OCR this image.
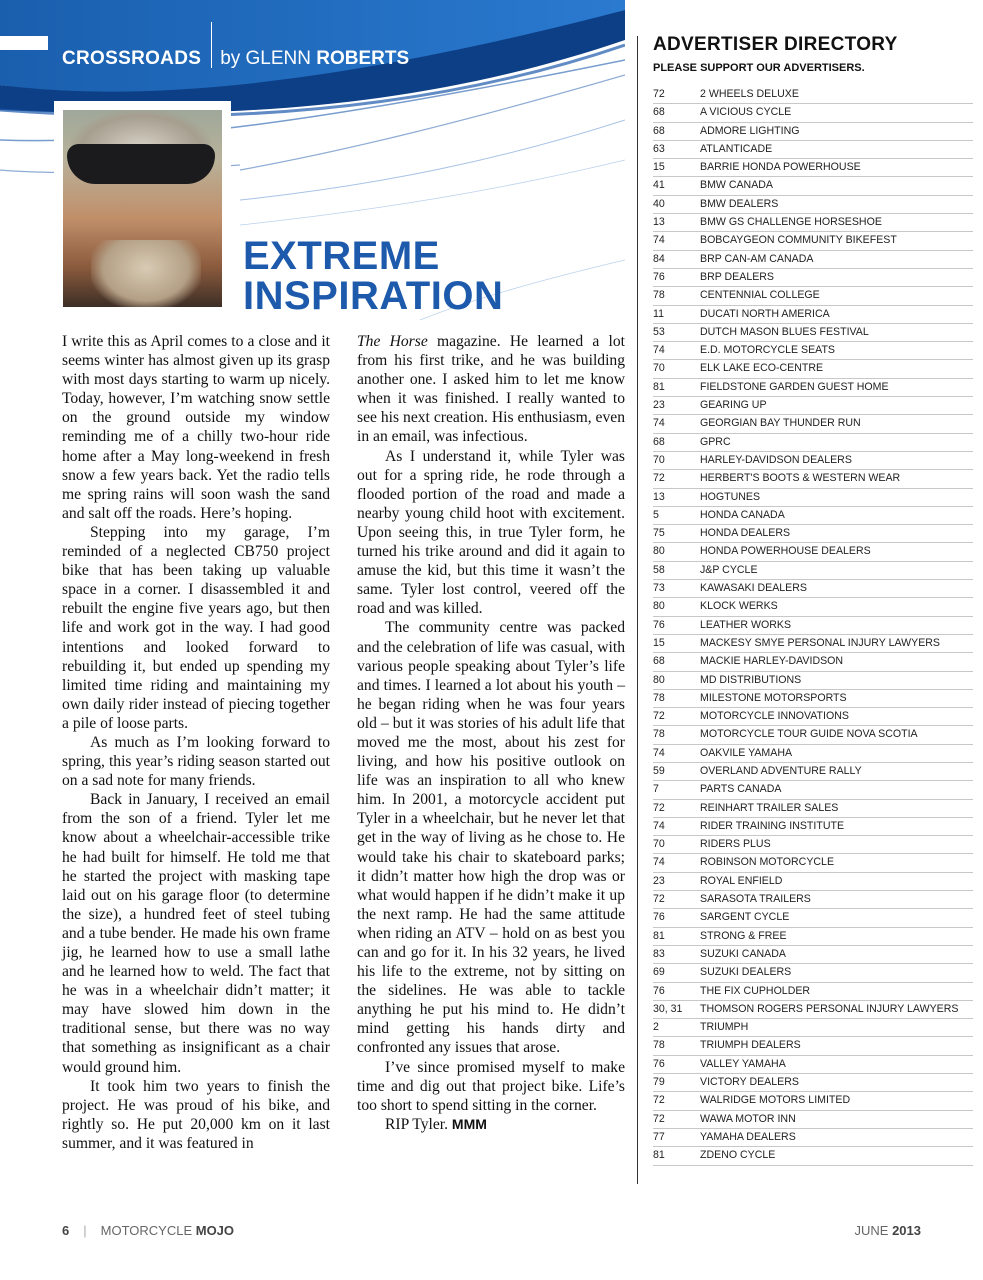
CROSSROADS by GLENN ROBERTS
EXTREME
INSPIRATION

I write this as April comes to a close and it seems winter has almost given up its grasp with most days starting to warm up nicely. Today, however, I’m watching snow settle on the ground outside my window reminding me of a chilly two-hour ride home after a May long-weekend in fresh snow a few years back. Yet the radio tells me spring rains will soon wash the sand and salt off the roads. Here’s hoping.

Stepping into my garage, I’m reminded of a neglected CB750 project bike that has been taking up valuable space in a corner. I disassembled it and rebuilt the engine five years ago, but then life and work got in the way. I had good intentions and looked forward to rebuilding it, but ended up spending my limited time riding and maintaining my own daily rider instead of piecing together a pile of loose parts.

As much as I’m looking forward to spring, this year’s riding season started out on a sad note for many friends.

Back in January, I received an email from the son of a friend. Tyler let me know about a wheelchair-accessible trike he had built for himself. He told me that he started the project with masking tape laid out on his garage floor (to determine the size), a hundred feet of steel tubing and a tube bender. He made his own frame jig, he learned how to use a small lathe and he learned how to weld. The fact that he was in a wheelchair didn’t matter; it may have slowed him down in the traditional sense, but there was no way that something as insignificant as a chair would ground him.

It took him two years to finish the project. He was proud of his bike, and rightly so. He put 20,000 km on it last summer, and it was featured in

The Horse magazine. He learned a lot from his first trike, and he was building another one. I asked him to let me know when it was finished. I really wanted to see his next creation. His enthusiasm, even in an email, was infectious.

As I understand it, while Tyler was out for a spring ride, he rode through a flooded portion of the road and made a nearby young child hoot with excitement. Upon seeing this, in true Tyler form, he turned his trike around and did it again to amuse the kid, but this time it wasn’t the same. Tyler lost control, veered off the road and was killed.

The community centre was packed and the celebration of life was casual, with various people speaking about Tyler’s life and times. I learned a lot about his youth – he began riding when he was four years old – but it was stories of his adult life that moved me the most, about his zest for living, and how his positive outlook on life was an inspiration to all who knew him. In 2001, a motorcycle accident put Tyler in a wheelchair, but he never let that get in the way of living as he chose to. He would take his chair to skateboard parks; it didn’t matter how high the drop was or what would happen if he didn’t make it up the next ramp. He had the same attitude when riding an ATV – hold on as best you can and go for it. In his 32 years, he lived his life to the extreme, not by sitting on the sidelines. He was able to tackle anything he put his mind to. He didn’t mind getting his hands dirty and confronted any issues that arose.

I’ve since promised myself to make time and dig out that project bike. Life’s too short to spend sitting in the corner.

RIP Tyler. MMM

ADVERTISER DIRECTORY
PLEASE SUPPORT OUR ADVERTISERS.
72	2 WHEELS DELUXE
68	A VICIOUS CYCLE
68	ADMORE LIGHTING
63	ATLANTICADE
15	BARRIE HONDA POWERHOUSE
41	BMW CANADA
40	BMW DEALERS
13	BMW GS CHALLENGE HORSESHOE
74	BOBCAYGEON COMMUNITY BIKEFEST
84	BRP CAN-AM CANADA
76	BRP DEALERS
78	CENTENNIAL COLLEGE
11	DUCATI NORTH AMERICA
53	DUTCH MASON BLUES FESTIVAL
74	E.D. MOTORCYCLE SEATS
70	ELK LAKE ECO-CENTRE
81	FIELDSTONE GARDEN GUEST HOME
23	GEARING UP
74	GEORGIAN BAY THUNDER RUN
68	GPRC
70	HARLEY-DAVIDSON DEALERS
72	HERBERT'S BOOTS & WESTERN WEAR
13	HOGTUNES
5	HONDA CANADA
75	HONDA DEALERS
80	HONDA POWERHOUSE DEALERS
58	J&P CYCLE
73	KAWASAKI DEALERS
80	KLOCK WERKS
76	LEATHER WORKS
15	MACKESY SMYE PERSONAL INJURY LAWYERS
68	MACKIE HARLEY-DAVIDSON
80	MD DISTRIBUTIONS
78	MILESTONE MOTORSPORTS
72	MOTORCYCLE INNOVATIONS
78	MOTORCYCLE TOUR GUIDE NOVA SCOTIA
74	OAKVILE YAMAHA
59	OVERLAND ADVENTURE RALLY
7	PARTS CANADA
72	REINHART TRAILER SALES
74	RIDER TRAINING INSTITUTE
70	RIDERS PLUS
74	ROBINSON MOTORCYCLE
23	ROYAL ENFIELD
72	SARASOTA TRAILERS
76	SARGENT CYCLE
81	STRONG & FREE
83	SUZUKI CANADA
69	SUZUKI DEALERS
76	THE FIX CUPHOLDER
30, 31	THOMSON ROGERS PERSONAL INJURY LAWYERS
2	TRIUMPH
78	TRIUMPH DEALERS
76	VALLEY YAMAHA
79	VICTORY DEALERS
72	WALRIDGE MOTORS LIMITED
72	WAWA MOTOR INN
77	YAMAHA DEALERS
81	ZDENO CYCLE
6 | MOTORCYCLE MOJO	JUNE 2013
